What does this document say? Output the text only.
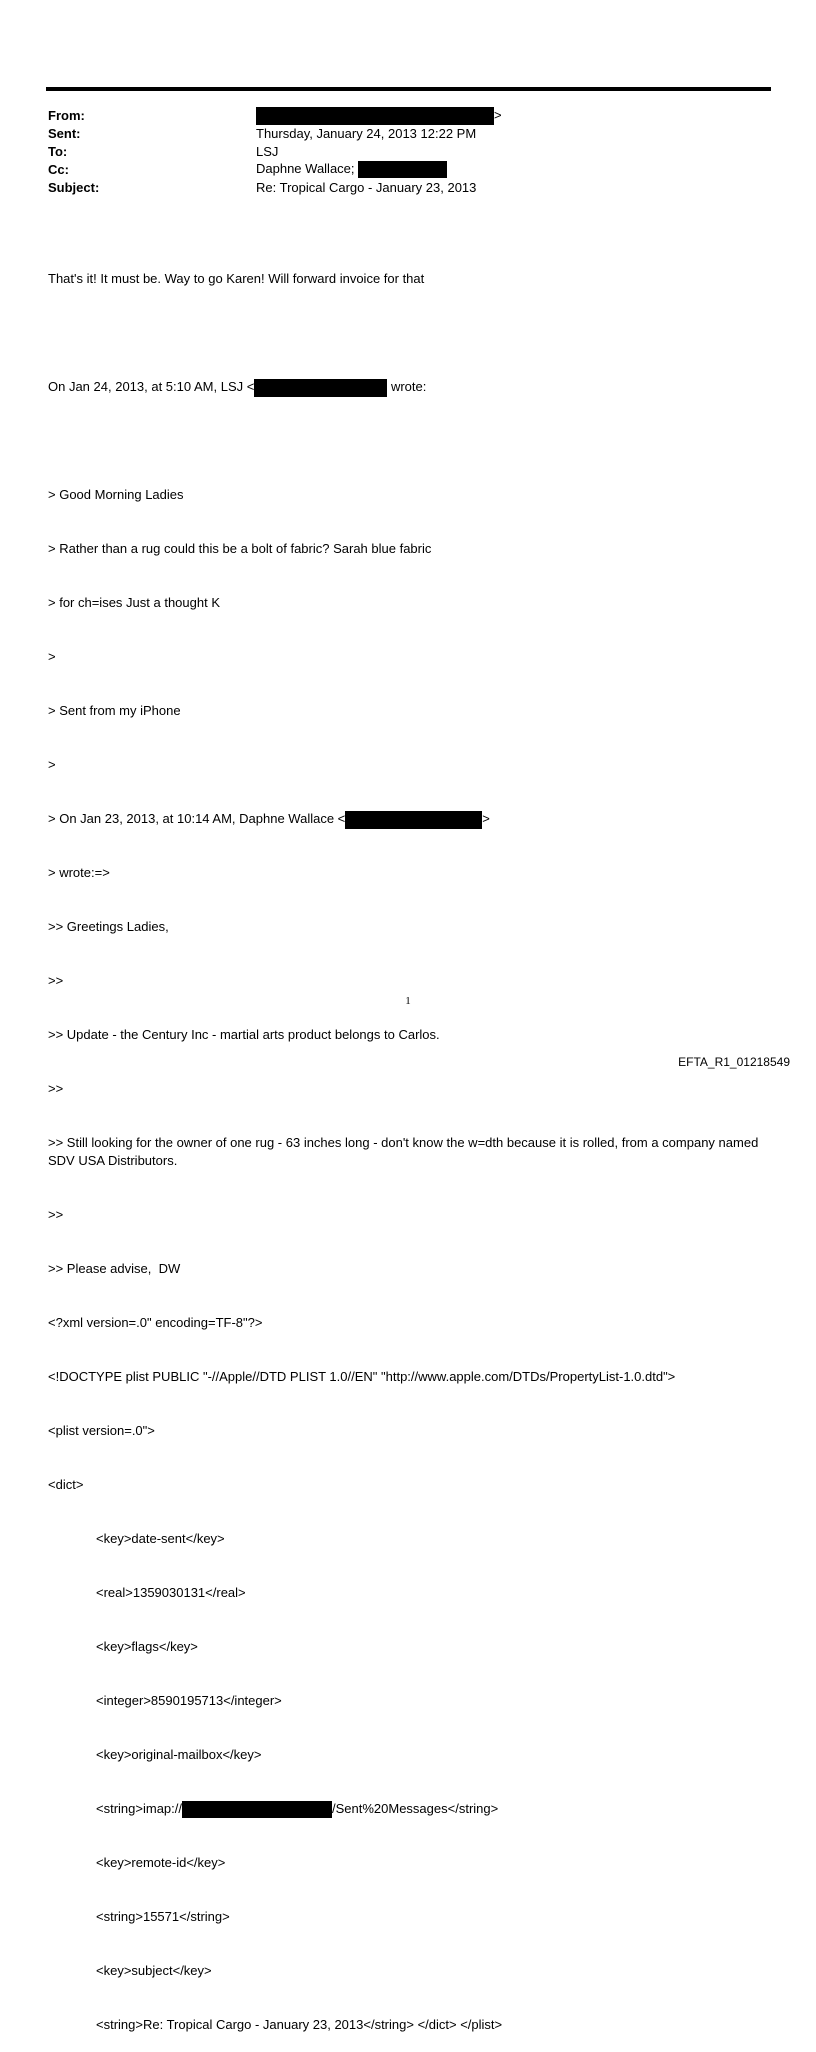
From:	>
Sent:	Thursday, January 24, 2013 12:22 PM
To:	LSJ
Cc:	Daphne Wallace;
Subject:	Re: Tropical Cargo - January 23, 2013

That's it! It must be. Way to go Karen! Will forward invoice for that

On Jan 24, 2013, at 5:10 AM, LSJ <	wrote:

> Good Morning Ladies

> Rather than a rug could this be a bolt of fabric? Sarah blue fabric

> for ch=ises Just a thought K

>

> Sent from my iPhone

>

> On Jan 23, 2013, at 10:14 AM, Daphne Wallace <	>

> wrote:=>

>> Greetings Ladies,

>>

>> Update - the Century Inc - martial arts product belongs to Carlos.

>>

>> Still looking for the owner of one rug - 63 inches long - don't know the w=dth because it is rolled, from a company named SDV USA Distributors.

>>

>> Please advise,  DW

<?xml version=.0" encoding=TF-8"?>

<!DOCTYPE plist PUBLIC "-//Apple//DTD PLIST 1.0//EN" "http://www.apple.com/DTDs/PropertyList-1.0.dtd">

<plist version=.0">

<dict>

<key>date-sent</key>

<real>1359030131</real>

<key>flags</key>

<integer>8590195713</integer>

<key>original-mailbox</key>

<string>imap://	/Sent%20Messages</string>

<key>remote-id</key>

<string>15571</string>

<key>subject</key>

<string>Re: Tropical Cargo - January 23, 2013</string> </dict> </plist>

1
EFTA_R1_01218549
